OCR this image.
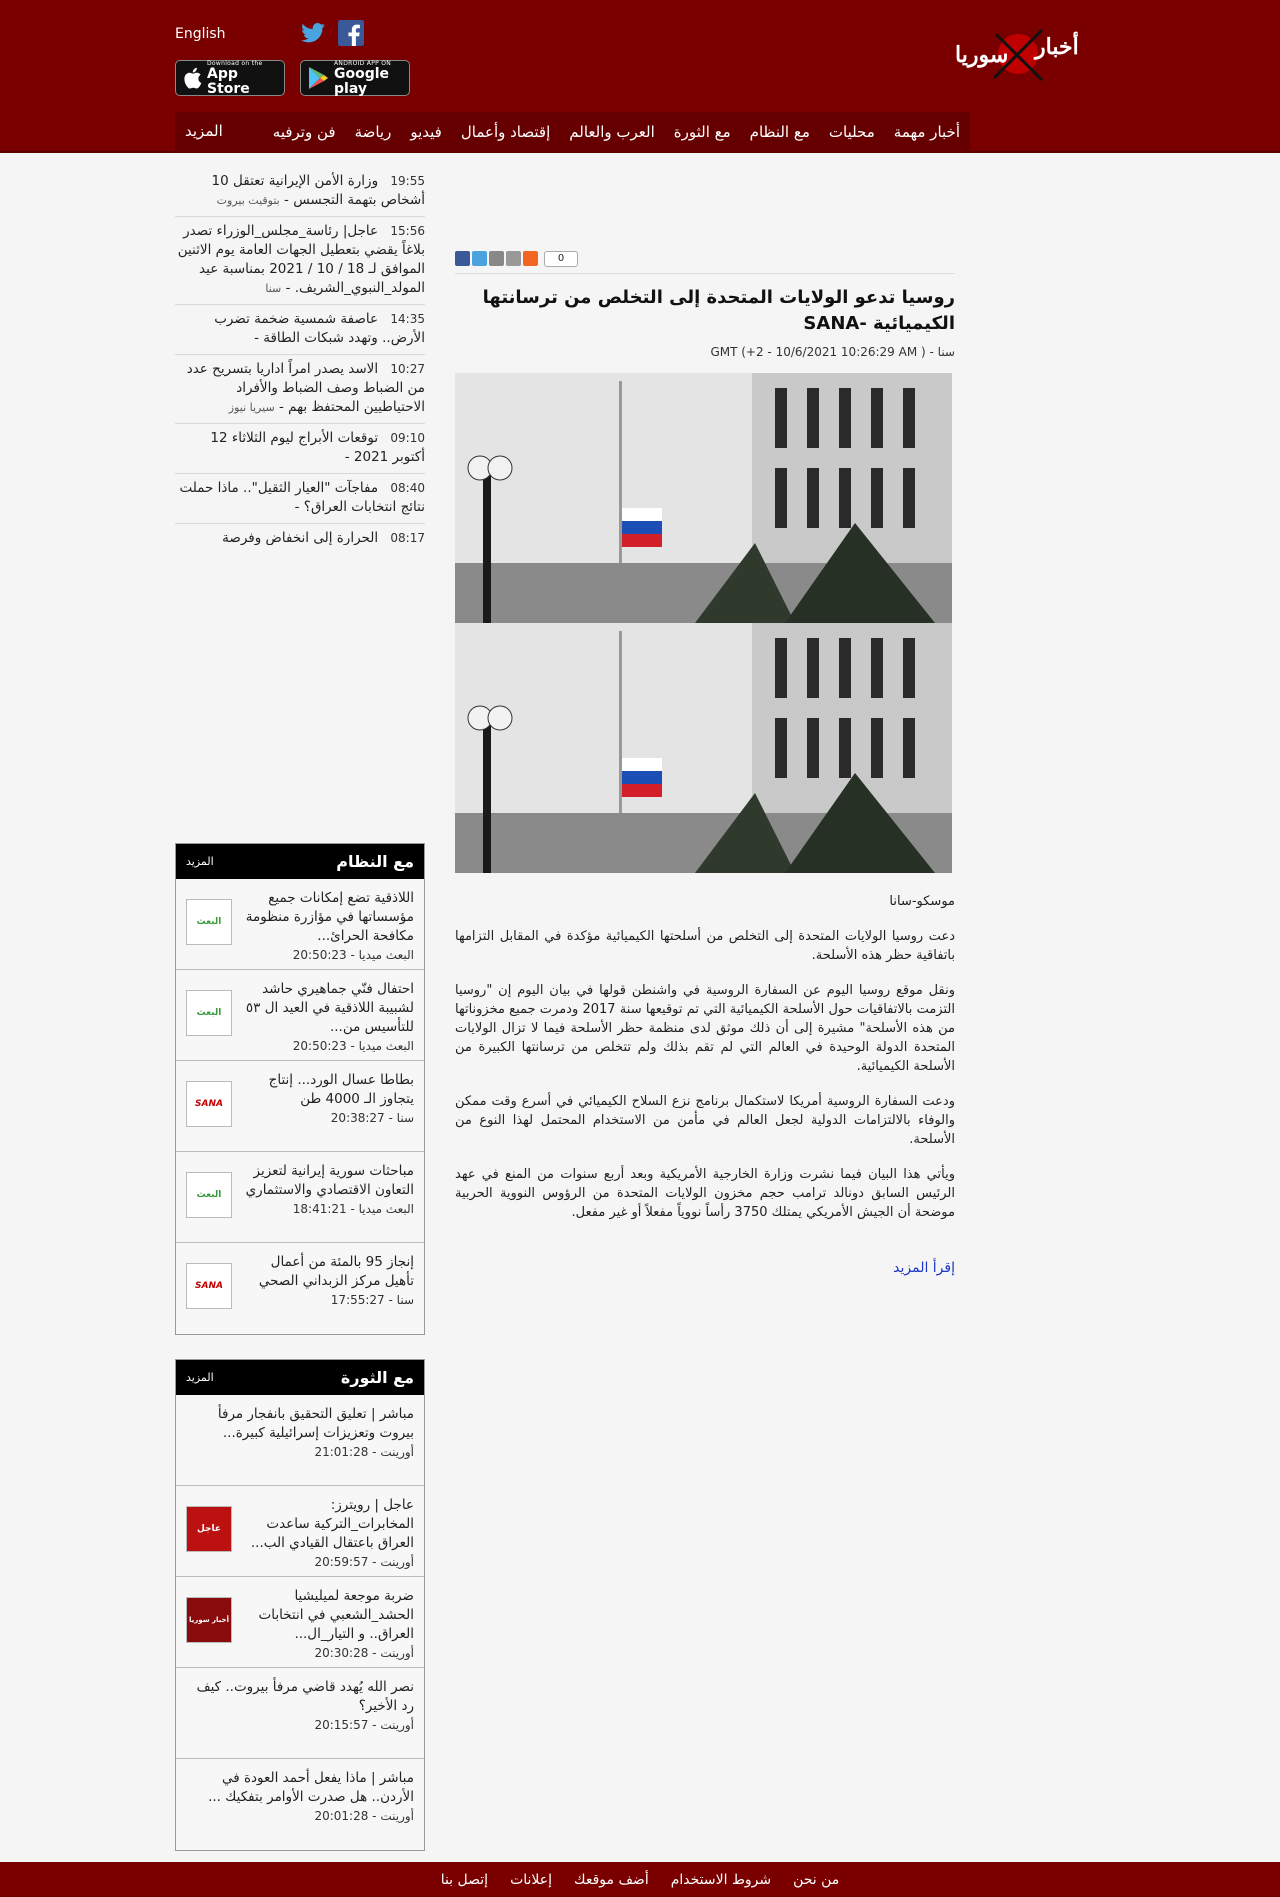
English
Download on the
App Store
ANDROID APP ON
Google play
أخبار
سوريا
أخبار مهمة
محليات
مع النظام
مع الثورة
العرب والعالم
إقتصاد وأعمال
فيديو
رياضة
فن وترفيه
المزيد
19:55 وزارة الأمن الإيرانية تعتقل 10 أشخاص بتهمة التجسس - بتوقيت بيروت
15:56 عاجل| رئاسة_مجلس_الوزراء تصدر بلاغاً يقضي بتعطيل الجهات العامة يوم الاثنين الموافق لـ 18 / 10 / 2021 بمناسبة عيد المولد_النبوي_الشريف. - سنا
14:35 عاصفة شمسية ضخمة تضرب الأرض.. وتهدد شبكات الطاقة -
10:27 الاسد يصدر امراً اداريا بتسريح عدد من الضباط وصف الضباط والأفراد الاحتياطيين المحتفظ بهم - سيريا نيوز
09:10 توقعات الأبراج ليوم الثلاثاء 12 أكتوبر 2021 -
08:40 مفاجآت "العيار الثقيل".. ماذا حملت نتائج انتخابات العراق؟ -
08:17 الحرارة إلى انخفاض وفرصة
0
روسيا تدعو الولايات المتحدة إلى التخلص من ترسانتها الكيميائية -SANA
سنا - ( GMT (+2 - 10/6/2021 10:26:29 AM

موسكو-سانا

دعت روسيا الولايات المتحدة إلى التخلص من أسلحتها الكيميائية مؤكدة في المقابل التزامها باتفاقية حظر هذه الأسلحة.

ونقل موقع روسيا اليوم عن السفارة الروسية في واشنطن قولها في بيان اليوم إن "روسيا التزمت بالاتفاقيات حول الأسلحة الكيميائية التي تم توقيعها سنة 2017 ودمرت جميع مخزوناتها من هذه الأسلحة" مشيرة إلى أن ذلك موثق لدى منظمة حظر الأسلحة فيما لا تزال الولايات المتحدة الدولة الوحيدة في العالم التي لم تقم بذلك ولم تتخلص من ترسانتها الكبيرة من الأسلحة الكيميائية.

ودعت السفارة الروسية أمريكا لاستكمال برنامج نزع السلاح الكيميائي في أسرع وقت ممكن والوفاء بالالتزامات الدولية لجعل العالم في مأمن من الاستخدام المحتمل لهذا النوع من الأسلحة.

ويأتي هذا البيان فيما نشرت وزارة الخارجية الأمريكية وبعد أربع سنوات من المنع في عهد الرئيس السابق دونالد ترامب حجم مخزون الولايات المتحدة من الرؤوس النووية الحربية موضحة أن الجيش الأمريكي يمتلك 3750 رأساً نووياً مفعلاً أو غير مفعل.

إقرأ المزيد
مع النظام
المزيد
اللاذقية تضع إمكانات جميع مؤسساتها في مؤازرة منظومة مكافحة الحرائ...
البعث ميديا - 20:50:23
البعث
احتفال فنّي جماهيري حاشد لشبيبة اللاذقية في العيد ال ٥٣ للتأسيس من...
البعث ميديا - 20:50:23
البعث
بطاطا عسال الورد... إنتاج يتجاوز الـ 4000 طن
سنا - 20:38:27
SANA
مباحثات سورية إيرانية لتعزيز التعاون الاقتصادي والاستثماري
البعث ميديا - 18:41:21
البعث
إنجاز 95 بالمئة من أعمال تأهيل مركز الزبداني الصحي
سنا - 17:55:27
SANA
مع الثورة
المزيد
مباشر | تعليق التحقيق بانفجار مرفأ بيروت وتعزيزات إسرائيلية كبيرة...
أورينت - 21:01:28
عاجل | رويترز: المخابرات_التركية ساعدت العراق باعتقال القيادي الب...
أورينت - 20:59:57
عاجل
ضربة موجعة لميليشيا الحشد_الشعبي في انتخابات العراق.. و التيار_ال...
أورينت - 20:30:28
أخبار سوريا
نصر الله يُهدد قاضي مرفأ بيروت.. كيف رد الأخير؟
أورينت - 20:15:57
مباشر | ماذا يفعل أحمد العودة في الأردن.. هل صدرت الأوامر بتفكيك ...
أورينت - 20:01:28
من نحن
شروط الاستخدام
أضف موقعك
إعلانات
إتصل بنا
